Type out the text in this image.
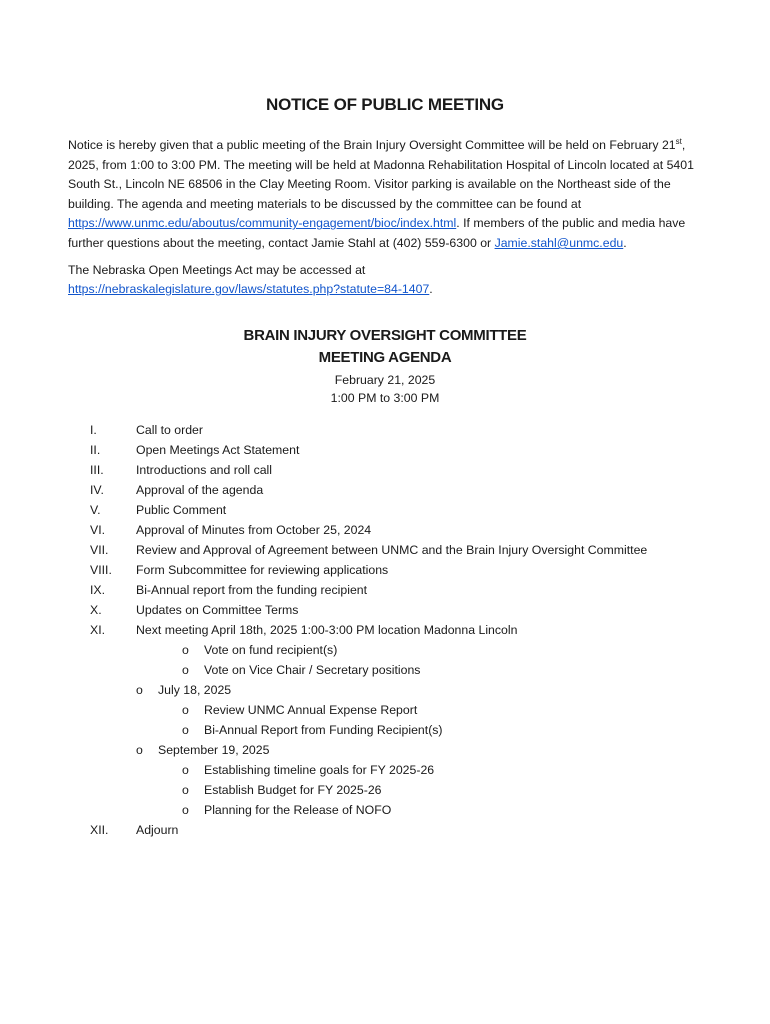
NOTICE OF PUBLIC MEETING

Notice is hereby given that a public meeting of the Brain Injury Oversight Committee will be held on February 21st, 2025, from 1:00 to 3:00 PM. The meeting will be held at Madonna Rehabilitation Hospital of Lincoln located at 5401 South St., Lincoln NE 68506 in the Clay Meeting Room. Visitor parking is available on the Northeast side of the building. The agenda and meeting materials to be discussed by the committee can be found at https://www.unmc.edu/aboutus/community-engagement/bioc/index.html. If members of the public and media have further questions about the meeting, contact Jamie Stahl at (402) 559-6300 or Jamie.stahl@unmc.edu.

The Nebraska Open Meetings Act may be accessed at
https://nebraskalegislature.gov/laws/statutes.php?statute=84-1407.

BRAIN INJURY OVERSIGHT COMMITTEE
MEETING AGENDA
February 21, 2025
1:00 PM to 3:00 PM
I.	Call to order
II.	Open Meetings Act Statement
III.	Introductions and roll call
IV.	Approval of the agenda
V.	Public Comment
VI.	Approval of Minutes from October 25, 2024
VII. Review and Approval of Agreement between UNMC and the Brain Injury Oversight Committee
VIII. Form Subcommittee for reviewing applications
IX.	Bi-Annual report from the funding recipient
X.	Updates on Committee Terms
XI.	Next meeting April 18th, 2025 1:00-3:00 PM location Madonna Lincoln
o Vote on fund recipient(s)
o Vote on Vice Chair / Secretary positions
o July 18, 2025
o Review UNMC Annual Expense Report
o Bi-Annual Report from Funding Recipient(s)
o September 19, 2025
o Establishing timeline goals for FY 2025-26
o Establish Budget for FY 2025-26
o Planning for the Release of NOFO
XII. Adjourn
